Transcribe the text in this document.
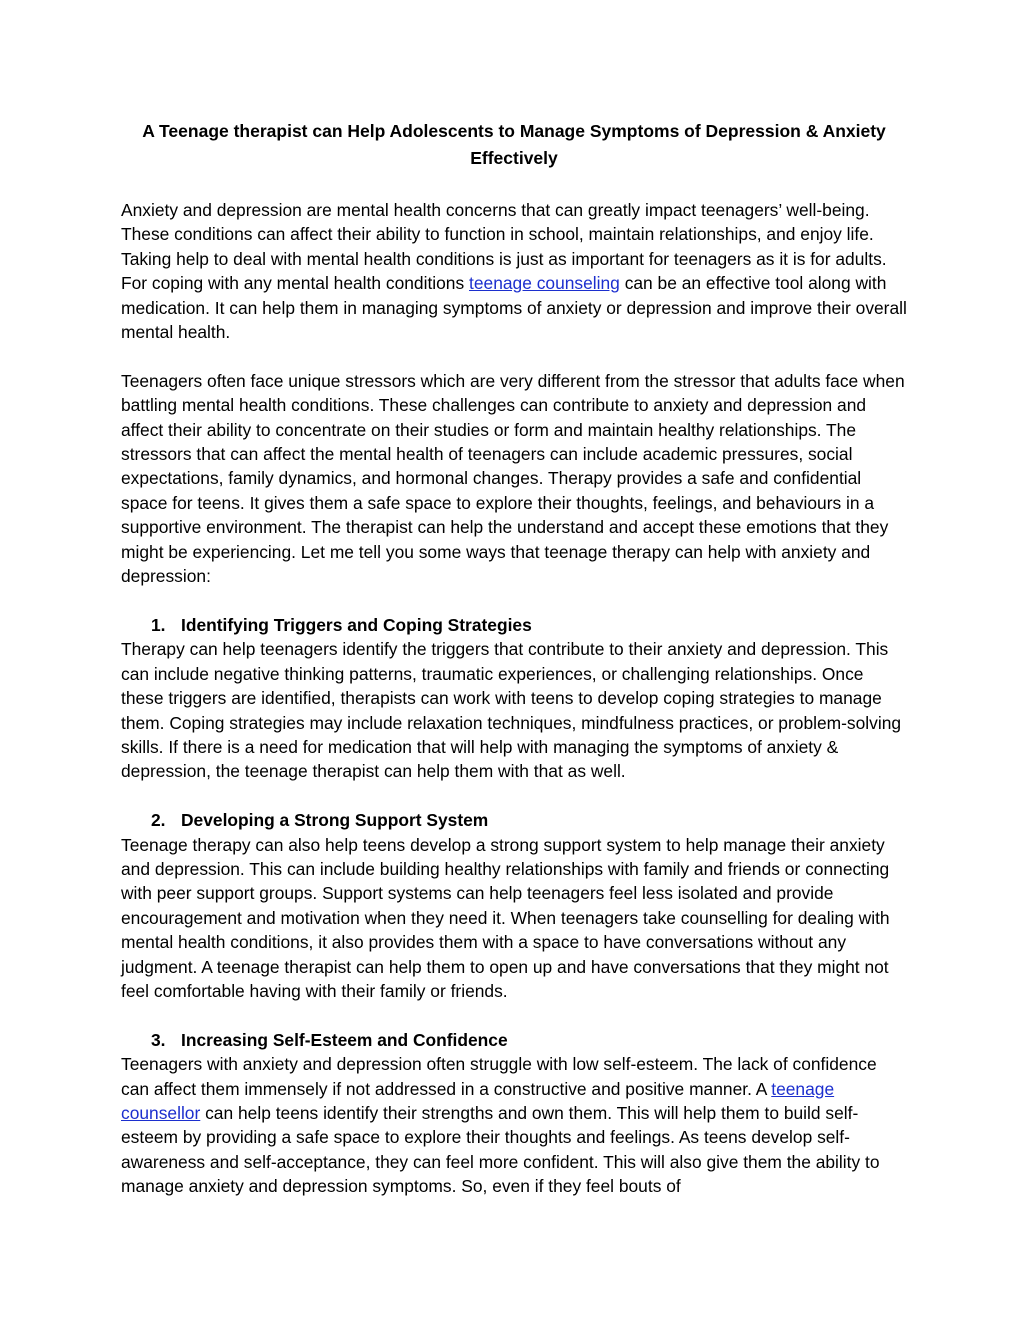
A Teenage therapist can Help Adolescents to Manage Symptoms of Depression & Anxiety Effectively

Anxiety and depression are mental health concerns that can greatly impact teenagers’ well-being. These conditions can affect their ability to function in school, maintain relationships, and enjoy life. Taking help to deal with mental health conditions is just as important for teenagers as it is for adults. For coping with any mental health conditions teenage counseling can be an effective tool along with medication. It can help them in managing symptoms of anxiety or depression and improve their overall mental health.

Teenagers often face unique stressors which are very different from the stressor that adults face when battling mental health conditions. These challenges can contribute to anxiety and depression and affect their ability to concentrate on their studies or form and maintain healthy relationships. The stressors that can affect the mental health of teenagers can include academic pressures, social expectations, family dynamics, and hormonal changes. Therapy provides a safe and confidential space for teens. It gives them a safe space to explore their thoughts, feelings, and behaviours in a supportive environment. The therapist can help the understand and accept these emotions that they might be experiencing. Let me tell you some ways that teenage therapy can help with anxiety and depression:

1. Identifying Triggers and Coping Strategies

Therapy can help teenagers identify the triggers that contribute to their anxiety and depression. This can include negative thinking patterns, traumatic experiences, or challenging relationships. Once these triggers are identified, therapists can work with teens to develop coping strategies to manage them. Coping strategies may include relaxation techniques, mindfulness practices, or problem-solving skills. If there is a need for medication that will help with managing the symptoms of anxiety & depression, the teenage therapist can help them with that as well.

2. Developing a Strong Support System

Teenage therapy can also help teens develop a strong support system to help manage their anxiety and depression. This can include building healthy relationships with family and friends or connecting with peer support groups. Support systems can help teenagers feel less isolated and provide encouragement and motivation when they need it. When teenagers take counselling for dealing with mental health conditions, it also provides them with a space to have conversations without any judgment. A teenage therapist can help them to open up and have conversations that they might not feel comfortable having with their family or friends.

3. Increasing Self-Esteem and Confidence

Teenagers with anxiety and depression often struggle with low self-esteem. The lack of confidence can affect them immensely if not addressed in a constructive and positive manner. A teenage counsellor can help teens identify their strengths and own them. This will help them to build self-esteem by providing a safe space to explore their thoughts and feelings. As teens develop self-awareness and self-acceptance, they can feel more confident. This will also give them the ability to manage anxiety and depression symptoms. So, even if they feel bouts of
